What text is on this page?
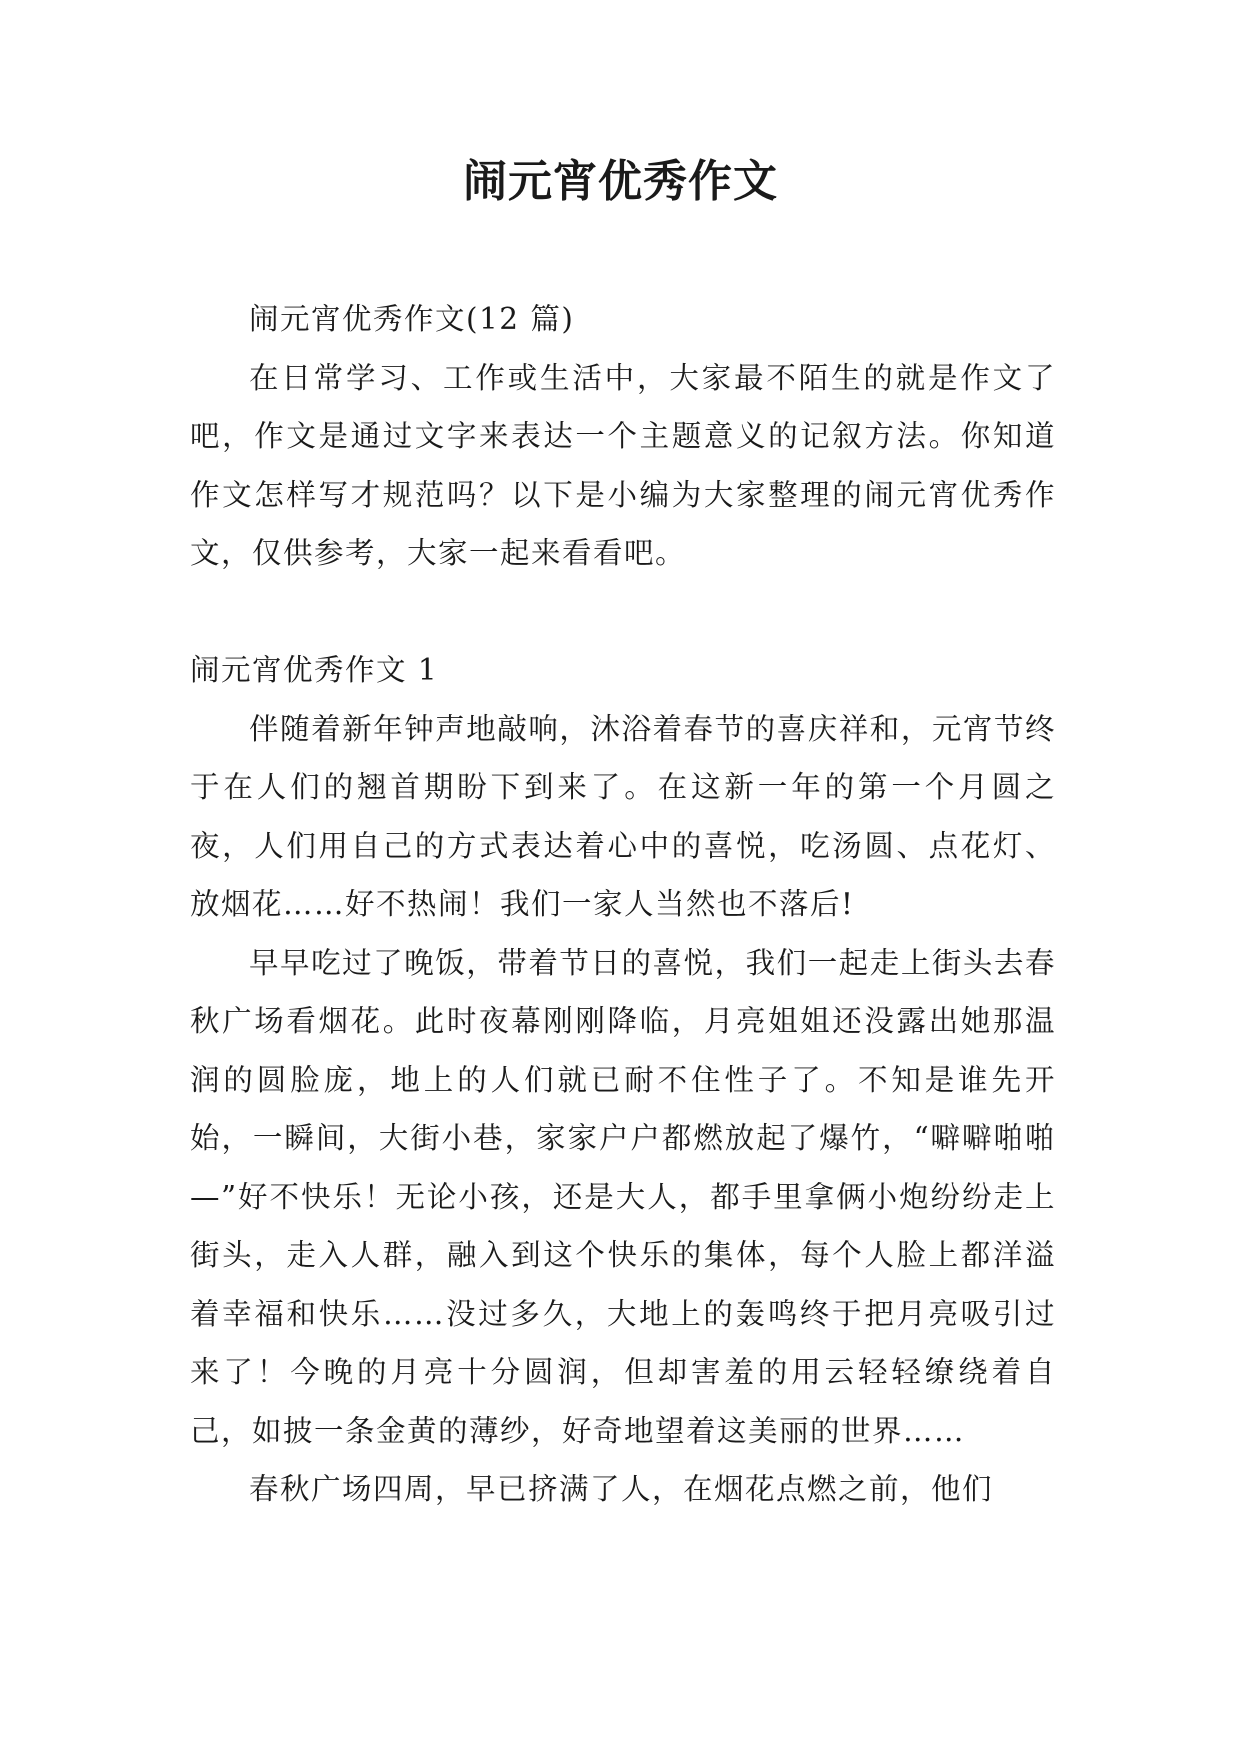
闹元宵优秀作文

闹元宵优秀作文(12 篇)

在日常学习、工作或生活中，大家最不陌生的就是作文了吧，作文是通过文字来表达一个主题意义的记叙方法。你知道作文怎样写才规范吗？以下是小编为大家整理的闹元宵优秀作文，仅供参考，大家一起来看看吧。

闹元宵优秀作文 1

伴随着新年钟声地敲响，沐浴着春节的喜庆祥和，元宵节终于在人们的翘首期盼下到来了。在这新一年的第一个月圆之夜，人们用自己的方式表达着心中的喜悦，吃汤圆、点花灯、放烟花……好不热闹！我们一家人当然也不落后!

早早吃过了晚饭，带着节日的喜悦，我们一起走上街头去春秋广场看烟花。此时夜幕刚刚降临，月亮姐姐还没露出她那温润的圆脸庞，地上的人们就已耐不住性子了。不知是谁先开始，一瞬间，大街小巷，家家户户都燃放起了爆竹，“噼噼啪啪—”好不快乐！无论小孩，还是大人，都手里拿俩小炮纷纷走上街头，走入人群，融入到这个快乐的集体，每个人脸上都洋溢着幸福和快乐……没过多久，大地上的轰鸣终于把月亮吸引过来了！今晚的月亮十分圆润，但却害羞的用云轻轻缭绕着自己，如披一条金黄的薄纱，好奇地望着这美丽的世界……

春秋广场四周，早已挤满了人，在烟花点燃之前，他们
